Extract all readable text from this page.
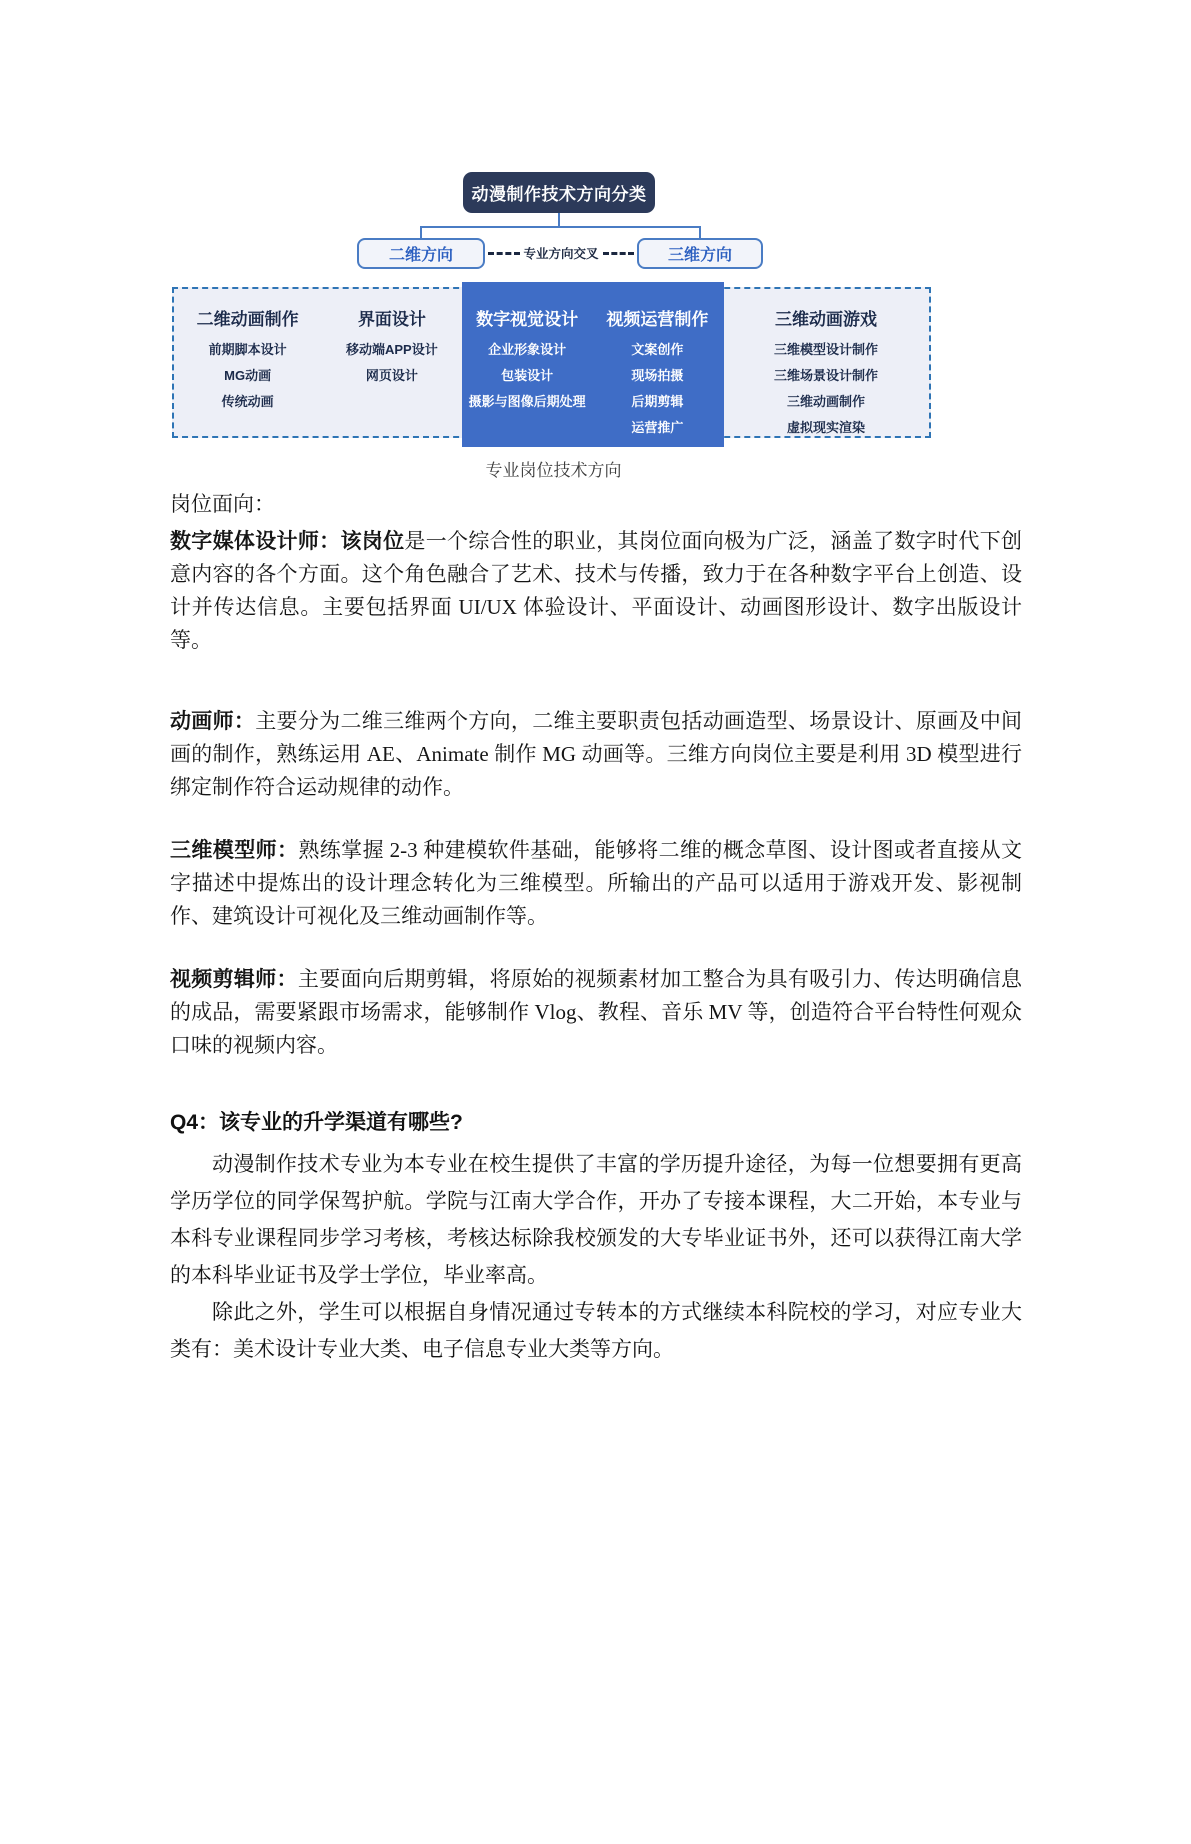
动漫制作技术方向分类
二维方向	三维方向
专业方向交叉
二维动画制作
前期脚本设计
MG动画
传统动画
界面设计
移动端APP设计
网页设计
数字视觉设计
企业形象设计
包装设计
摄影与图像后期处理
视频运营制作
文案创作
现场拍摄
后期剪辑
运营推广
三维动画游戏
三维模型设计制作
三维场景设计制作
三维动画制作
虚拟现实渲染
专业岗位技术方向

岗位面向：

数字媒体设计师：该岗位是一个综合性的职业，其岗位面向极为广泛，涵盖了数字时代下创意内容的各个方面。这个角色融合了艺术、技术与传播，致力于在各种数字平台上创造、设计并传达信息。主要包括界面 UI/UX 体验设计、平面设计、动画图形设计、数字出版设计等。

动画师：主要分为二维三维两个方向，二维主要职责包括动画造型、场景设计、原画及中间画的制作，熟练运用 AE、Animate 制作 MG 动画等。三维方向岗位主要是利用 3D 模型进行绑定制作符合运动规律的动作。

三维模型师：熟练掌握 2-3 种建模软件基础，能够将二维的概念草图、设计图或者直接从文字描述中提炼出的设计理念转化为三维模型。所输出的产品可以适用于游戏开发、影视制作、建筑设计可视化及三维动画制作等。

视频剪辑师：主要面向后期剪辑，将原始的视频素材加工整合为具有吸引力、传达明确信息的成品，需要紧跟市场需求，能够制作 Vlog、教程、音乐 MV 等，创造符合平台特性何观众口味的视频内容。

Q4：该专业的升学渠道有哪些?

动漫制作技术专业为本专业在校生提供了丰富的学历提升途径，为每一位想要拥有更高学历学位的同学保驾护航。学院与江南大学合作，开办了专接本课程，大二开始，本专业与本科专业课程同步学习考核，考核达标除我校颁发的大专毕业证书外，还可以获得江南大学的本科毕业证书及学士学位，毕业率高。

除此之外，学生可以根据自身情况通过专转本的方式继续本科院校的学习，对应专业大类有：美术设计专业大类、电子信息专业大类等方向。
